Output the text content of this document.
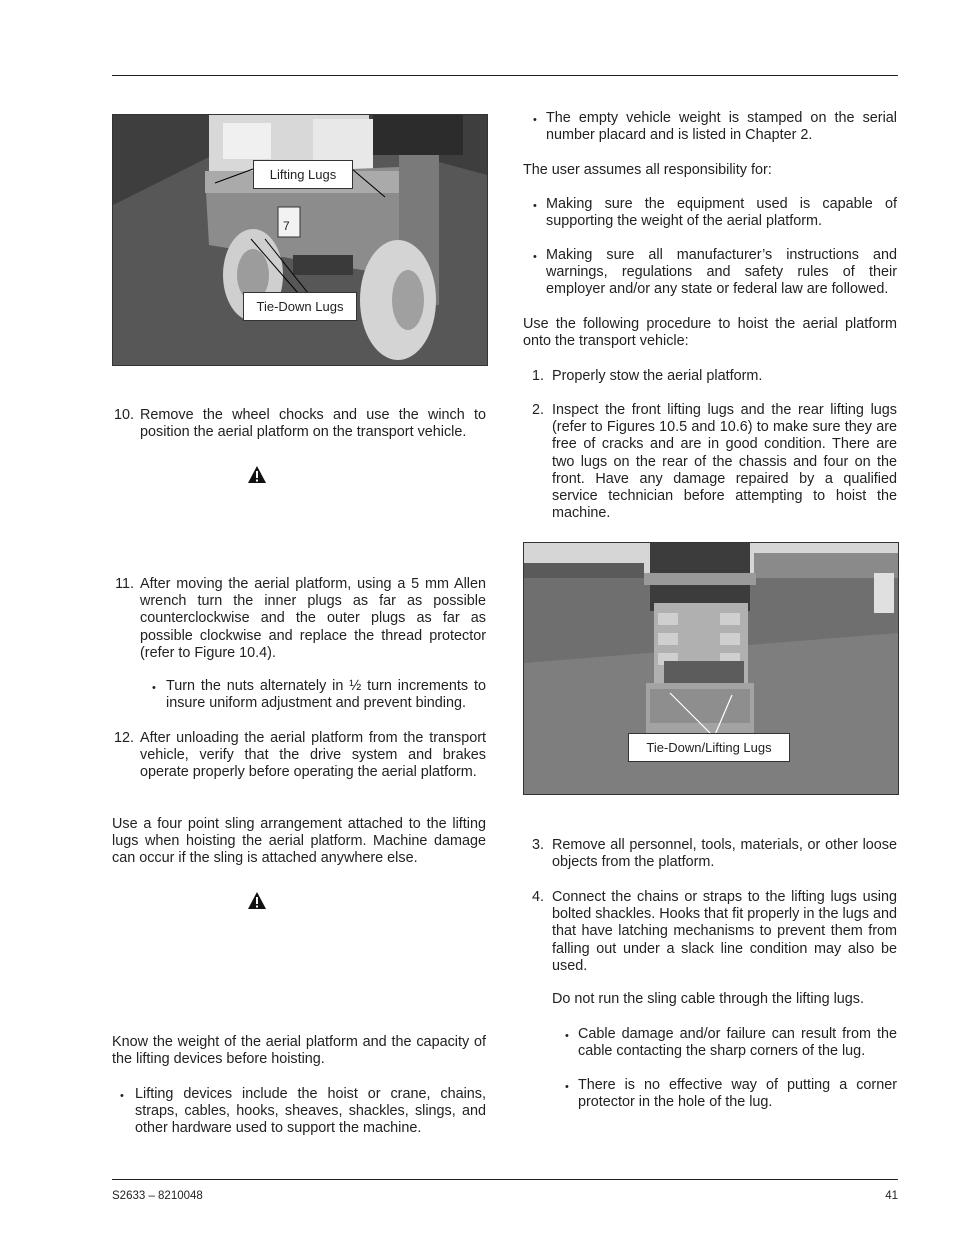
7
Lifting Lugs
Tie-Down Lugs
10. Remove the wheel chocks and use the winch to position the aerial platform on the transport vehicle.

11. After moving the aerial platform, using a 5 mm Allen wrench turn the inner plugs as far as possible counterclockwise and the outer plugs as far as possible clockwise and replace the thread protector (refer to Figure 10.4).

• Turn the nuts alternately in ½ turn increments to insure uniform adjustment and prevent binding.

12. After unloading the aerial platform from the transport vehicle, verify that the drive system and brakes operate properly before operating the aerial platform.

Use a four point sling arrangement attached to the lifting lugs when hoisting the aerial platform. Machine damage can occur if the sling is attached anywhere else.

Know the weight of the aerial platform and the capacity of the lifting devices before hoisting.

• Lifting devices include the hoist or crane, chains, straps, cables, hooks, sheaves, shackles, slings, and other hardware used to support the machine.

• The empty vehicle weight is stamped on the serial number placard and is listed in Chapter 2.

The user assumes all responsibility for:

• Making sure the equipment used is capable of supporting the weight of the aerial platform.

• Making sure all manufacturer’s instructions and warnings, regulations and safety rules of their employer and/or any state or federal law are followed.

Use the following procedure to hoist the aerial platform onto the transport vehicle:

1. Properly stow the aerial platform.

2. Inspect the front lifting lugs and the rear lifting lugs (refer to Figures 10.5 and 10.6) to make sure they are free of cracks and are in good condition. There are two lugs on the rear of the chassis and four on the front. Have any damage repaired by a qualified service technician before attempting to hoist the machine.

Tie-Down/Lifting Lugs
3. Remove all personnel, tools, materials, or other loose objects from the platform.

4. Connect the chains or straps to the lifting lugs using bolted shackles. Hooks that fit properly in the lugs and that have latching mechanisms to prevent them from falling out under a slack line condition may also be used.

Do not run the sling cable through the lifting lugs.

• Cable damage and/or failure can result from the cable contacting the sharp corners of the lug.

• There is no effective way of putting a corner protector in the hole of the lug.

S2633 – 8210048	41
